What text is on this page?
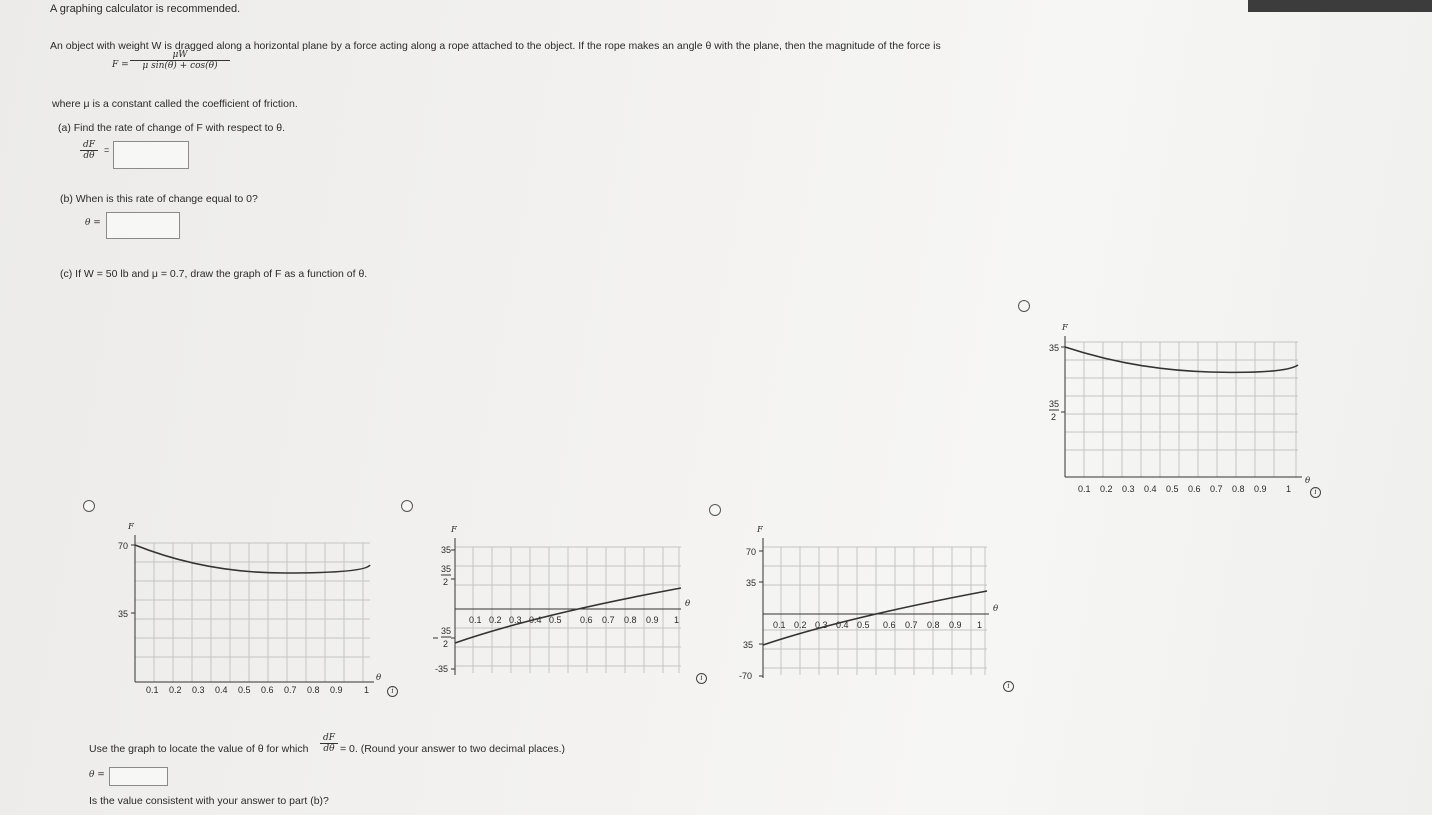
A graphing calculator is recommended.
An object with weight W is dragged along a horizontal plane by a force acting along a rope attached to the object. If the rope makes an angle θ with the plane, then the magnitude of the force is
$F = \frac{\mu W}{\text{μ sin(θ) + cos(θ)}}$
where μ is a constant called the coefficient of friction.
(a) Find the rate of change of F with respect to θ.
$\frac{dF}{d\theta}$ =
(b) When is this rate of change equal to 0?
θ =
(c) If W = 50 lb and μ = 0.7, draw the graph of F as a function of θ.
i
i
i
i
F
70
35
θ
0.1 0.2 0.3 0.4 0.5 0.6 0.7 0.8 0.9 1
F
35
35
2
35
2
-35
θ
0.1 0.2 0.3 0.4 0.5 0.6 0.7 0.8 0.9 1
F
70
35
35
-70
θ
0.1 0.2 0.3 0.4 0.5 0.6 0.7 0.8 0.9 1
F
35
35
2
θ
0.1 0.2 0.3 0.4 0.5 0.6 0.7 0.8 0.9 1
Use the graph to locate the value of θ for which $\frac{dF}{d\theta} = 0$. (Round your answer to two decimal places.)
θ =
Is the value consistent with your answer to part (b)?
